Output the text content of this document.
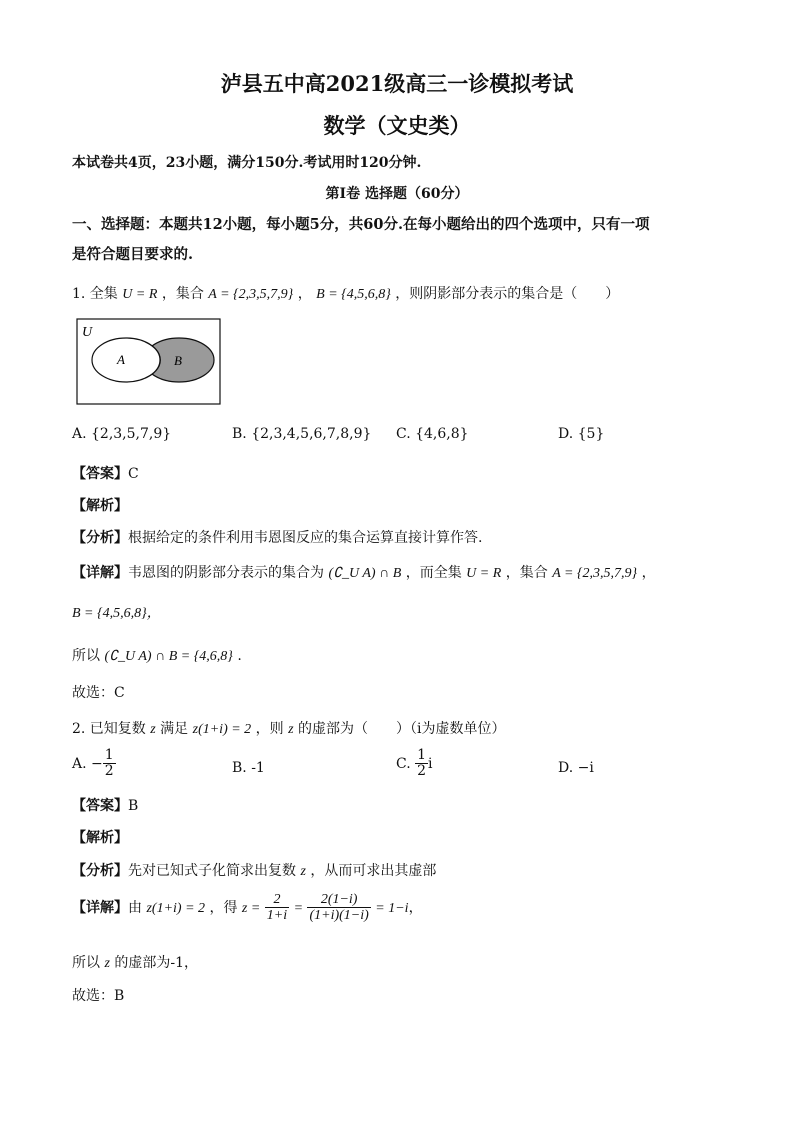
泸县五中高2021级高三一诊模拟考试
数学（文史类）
本试卷共4页，23小题，满分150分.考试用时120分钟.
第I卷 选择题（60分）
一、选择题：本题共12小题，每小题5分，共60分.在每小题给出的四个选项中，只有一项
是符合题目要求的.
1. 全集 U = R ，集合 A = {2,3,5,7,9} ， B = {4,5,6,8} ，则阴影部分表示的集合是（　　）
U
A	B
A. {2,3,5,7,9}	B. {2,3,4,5,6,7,8,9} C. {4,6,8}	D. {5}
【答案】C
【解析】
【分析】根据给定的条件利用韦恩图反应的集合运算直接计算作答.
【详解】韦恩图的阴影部分表示的集合为 (∁_U A) ∩ B ，而全集 U = R ，集合 A = {2,3,5,7,9} ，
B = {4,5,6,8}，
所以 (∁_U A) ∩ B = {4,6,8} .
故选：C
2. 已知复数 z 满足 z(1+i) = 2 ，则 z 的虚部为（　　）（i为虚数单位）
A. − $\frac{1}{2}$	B. -1	C. $\frac{1}{2}$ i	D. −i
【答案】B
【解析】
【分析】先对已知式子化简求出复数 z ，从而可求出其虚部
【详解】由 z(1+i) = 2 ，得 $z = \frac{2}{1+i} = \frac{2(1-i)}{(1+i)(1-i)} = 1-i$，
所以 z 的虚部为-1，
故选：B
